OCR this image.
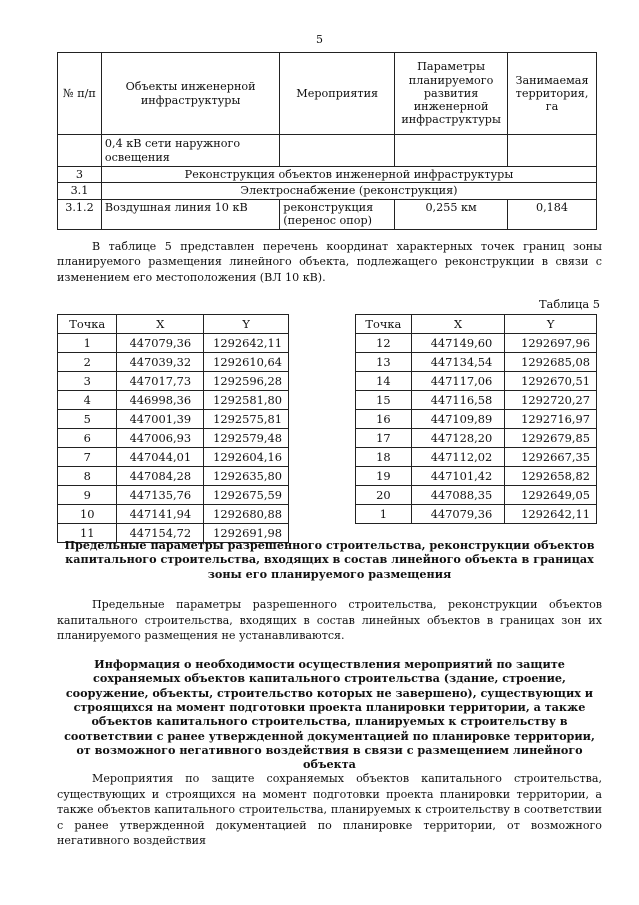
5
№ п/п	Объекты инженерной инфраструктуры	Мероприятия	Параметры планируемого развития инженерной инфраструктуры	Занимаемая территория, га
	0,4 кВ сети наружного освещения			
3	Реконструкция объектов инженерной инфраструктуры			
3.1	Электроснабжение (реконструкция)			
3.1.2	Воздушная линия 10 кВ	реконструкция (перенос опор)	0,255 км	0,184

В таблице 5 представлен перечень координат характерных точек границ зоны планируемого размещения линейного объекта, подлежащего реконструкции в связи с изменением его местоположения (ВЛ 10 кВ).

Таблица 5
Точка	X	Y
1	447079,36	1292642,11
2	447039,32	1292610,64
3	447017,73	1292596,28
4	446998,36	1292581,80
5	447001,39	1292575,81
6	447006,93	1292579,48
7	447044,01	1292604,16
8	447084,28	1292635,80
9	447135,76	1292675,59
10	447141,94	1292680,88
11	447154,72	1292691,98
Точка	X	Y
12	447149,60	1292697,96
13	447134,54	1292685,08
14	447117,06	1292670,51
15	447116,58	1292720,27
16	447109,89	1292716,97
17	447128,20	1292679,85
18	447112,02	1292667,35
19	447101,42	1292658,82
20	447088,35	1292649,05
1	447079,36	1292642,11
Предельные параметры разрешенного строительства, реконструкции объектов капитального строительства, входящих в состав линейного объекта в границах зоны его планируемого размещения

Предельные параметры разрешенного строительства, реконструкции объектов капитального строительства, входящих в состав линейных объектов в границах зон их планируемого размещения не устанавливаются.

Информация о необходимости осуществления мероприятий по защите сохраняемых объектов капитального строительства (здание, строение, сооружение, объекты, строительство которых не завершено), существующих и строящихся на момент подготовки проекта планировки территории, а также объектов капитального строительства, планируемых к строительству в соответствии с ранее утвержденной документацией по планировке территории, от возможного негативного воздействия в связи с размещением линейного объекта

Мероприятия по защите сохраняемых объектов капитального строительства, существующих и строящихся на момент подготовки проекта планировки территории, а также объектов капитального строительства, планируемых к строительству в соответствии с ранее утвержденной документацией по планировке территории, от возможного негативного воздействия
